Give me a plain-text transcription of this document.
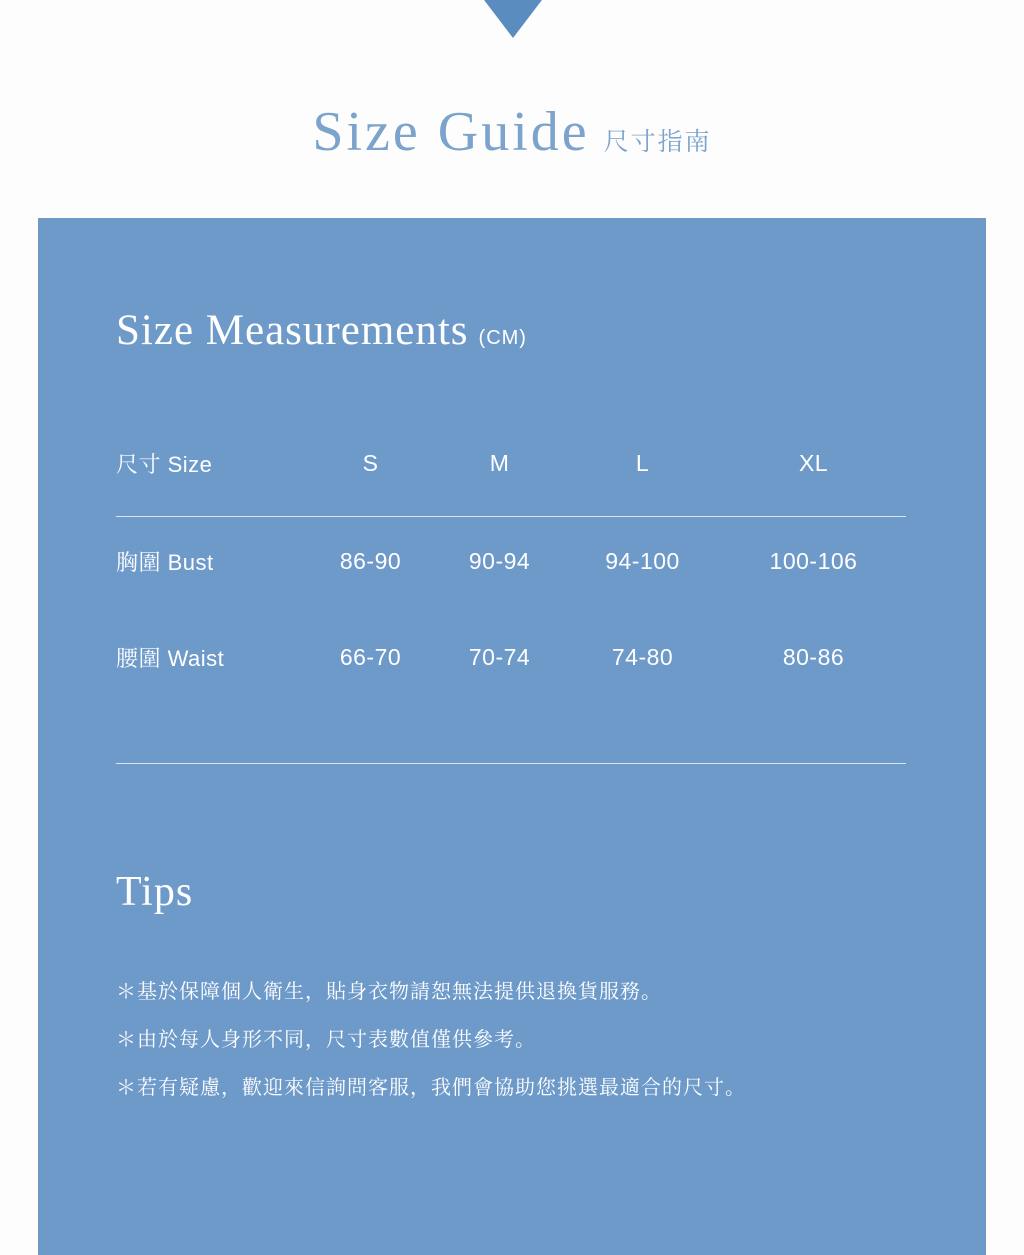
Size Guide 尺寸指南
Size Measurements (CM)
尺寸 Size	S	M	L	XL
胸圍 Bust	86-90	90-94	94-100	100-106
腰圍 Waist	66-70	70-74	74-80	80-86
Tips
＊基於保障個人衛生，貼身衣物請恕無法提供退換貨服務。
＊由於每人身形不同，尺寸表數值僅供參考。
＊若有疑慮，歡迎來信詢問客服，我們會協助您挑選最適合的尺寸。
